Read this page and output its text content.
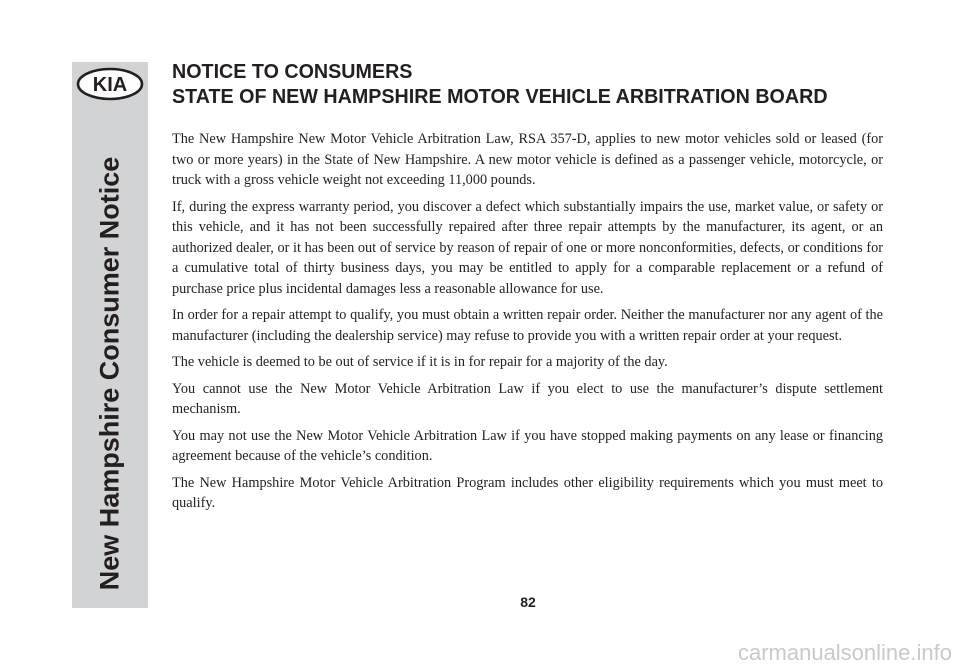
KIA
New Hampshire Consumer Notice
NOTICE TO CONSUMERS
STATE OF NEW HAMPSHIRE MOTOR VEHICLE ARBITRATION BOARD

The New Hampshire New Motor Vehicle Arbitration Law, RSA 357-D, applies to new motor vehicles sold or leased (for two or more years) in the State of New Hampshire. A new motor vehicle is defined as a passenger vehicle, motorcycle, or truck with a gross vehicle weight not exceeding 11,000 pounds.

If, during the express warranty period, you discover a defect which substantially impairs the use, market value, or safety or this vehicle, and it has not been successfully repaired after three repair attempts by the manufacturer, its agent, or an authorized dealer, or it has been out of service by reason of repair of one or more nonconformities, defects, or conditions for a cumulative total of thirty business days, you may be entitled to apply for a comparable replacement or a refund of purchase price plus incidental damages less a reasonable allowance for use.

In order for a repair attempt to qualify, you must obtain a written repair order. Neither the manufacturer nor any agent of the manufacturer (including the dealership service) may refuse to provide you with a written repair order at your request.

The vehicle is deemed to be out of service if it is in for repair for a majority of the day.

You cannot use the New Motor Vehicle Arbitration Law if you elect to use the manufacturer’s dispute settlement mechanism.

You may not use the New Motor Vehicle Arbitration Law if you have stopped making payments on any lease or financing agreement because of the vehicle’s condition.

The New Hampshire Motor Vehicle Arbitration Program includes other eligibility requirements which you must meet to qualify.

82
carmanualsonline.info
